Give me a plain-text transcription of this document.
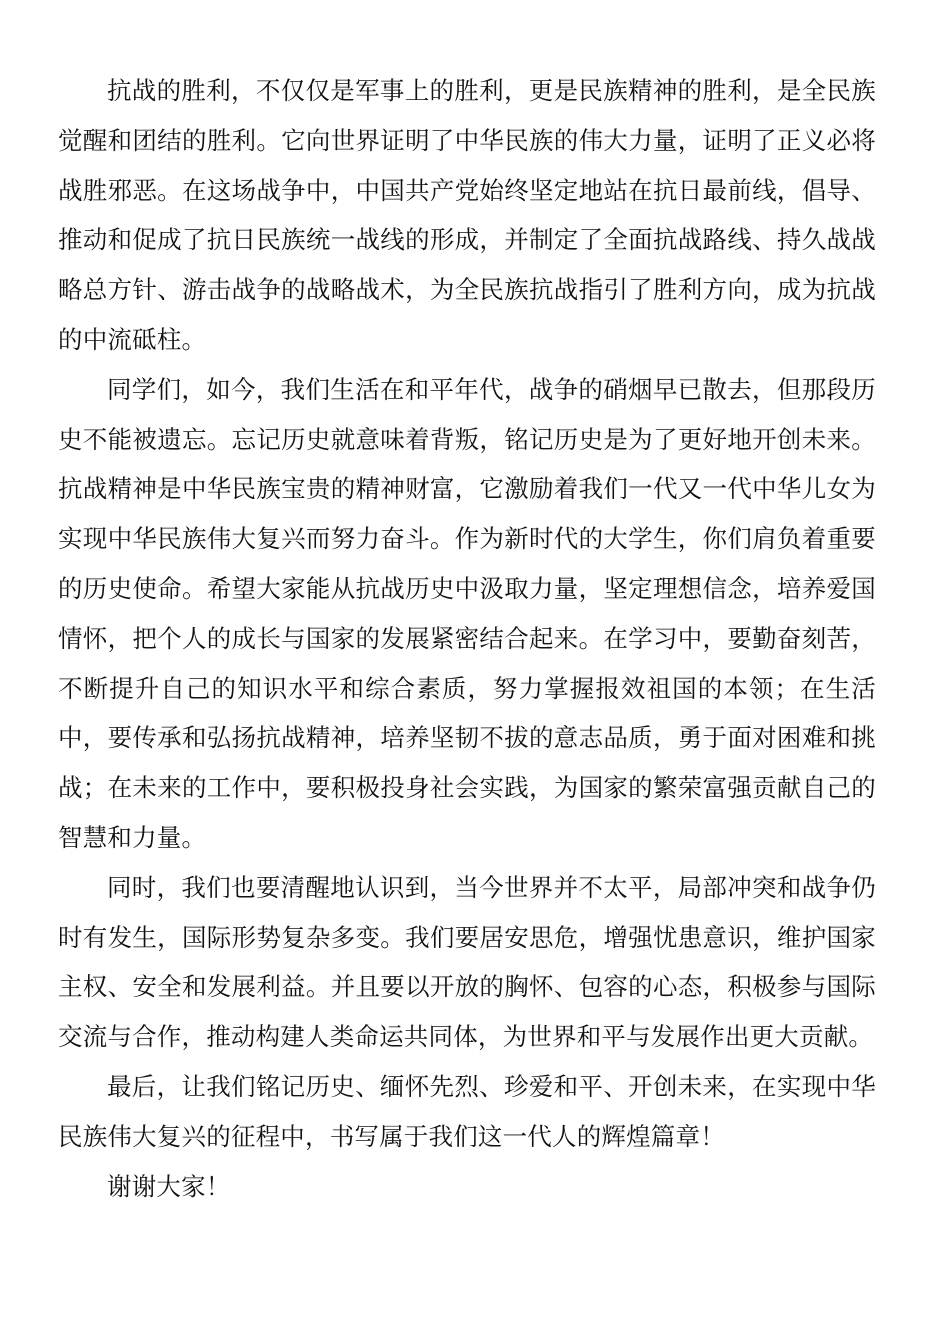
抗战的胜利，不仅仅是军事上的胜利，更是民族精神的胜利，是全民族觉醒和团结的胜利。它向世界证明了中华民族的伟大力量，证明了正义必将战胜邪恶。在这场战争中，中国共产党始终坚定地站在抗日最前线，倡导、推动和促成了抗日民族统一战线的形成，并制定了全面抗战路线、持久战战略总方针、游击战争的战略战术，为全民族抗战指引了胜利方向，成为抗战的中流砥柱。

同学们，如今，我们生活在和平年代，战争的硝烟早已散去，但那段历史不能被遗忘。忘记历史就意味着背叛，铭记历史是为了更好地开创未来。抗战精神是中华民族宝贵的精神财富，它激励着我们一代又一代中华儿女为实现中华民族伟大复兴而努力奋斗。作为新时代的大学生，你们肩负着重要的历史使命。希望大家能从抗战历史中汲取力量，坚定理想信念，培养爱国情怀，把个人的成长与国家的发展紧密结合起来。在学习中，要勤奋刻苦，不断提升自己的知识水平和综合素质，努力掌握报效祖国的本领；在生活中，要传承和弘扬抗战精神，培养坚韧不拔的意志品质，勇于面对困难和挑战；在未来的工作中，要积极投身社会实践，为国家的繁荣富强贡献自己的智慧和力量。

同时，我们也要清醒地认识到，当今世界并不太平，局部冲突和战争仍时有发生，国际形势复杂多变。我们要居安思危，增强忧患意识，维护国家主权、安全和发展利益。并且要以开放的胸怀、包容的心态，积极参与国际交流与合作，推动构建人类命运共同体，为世界和平与发展作出更大贡献。

最后，让我们铭记历史、缅怀先烈、珍爱和平、开创未来，在实现中华民族伟大复兴的征程中，书写属于我们这一代人的辉煌篇章！

谢谢大家！
